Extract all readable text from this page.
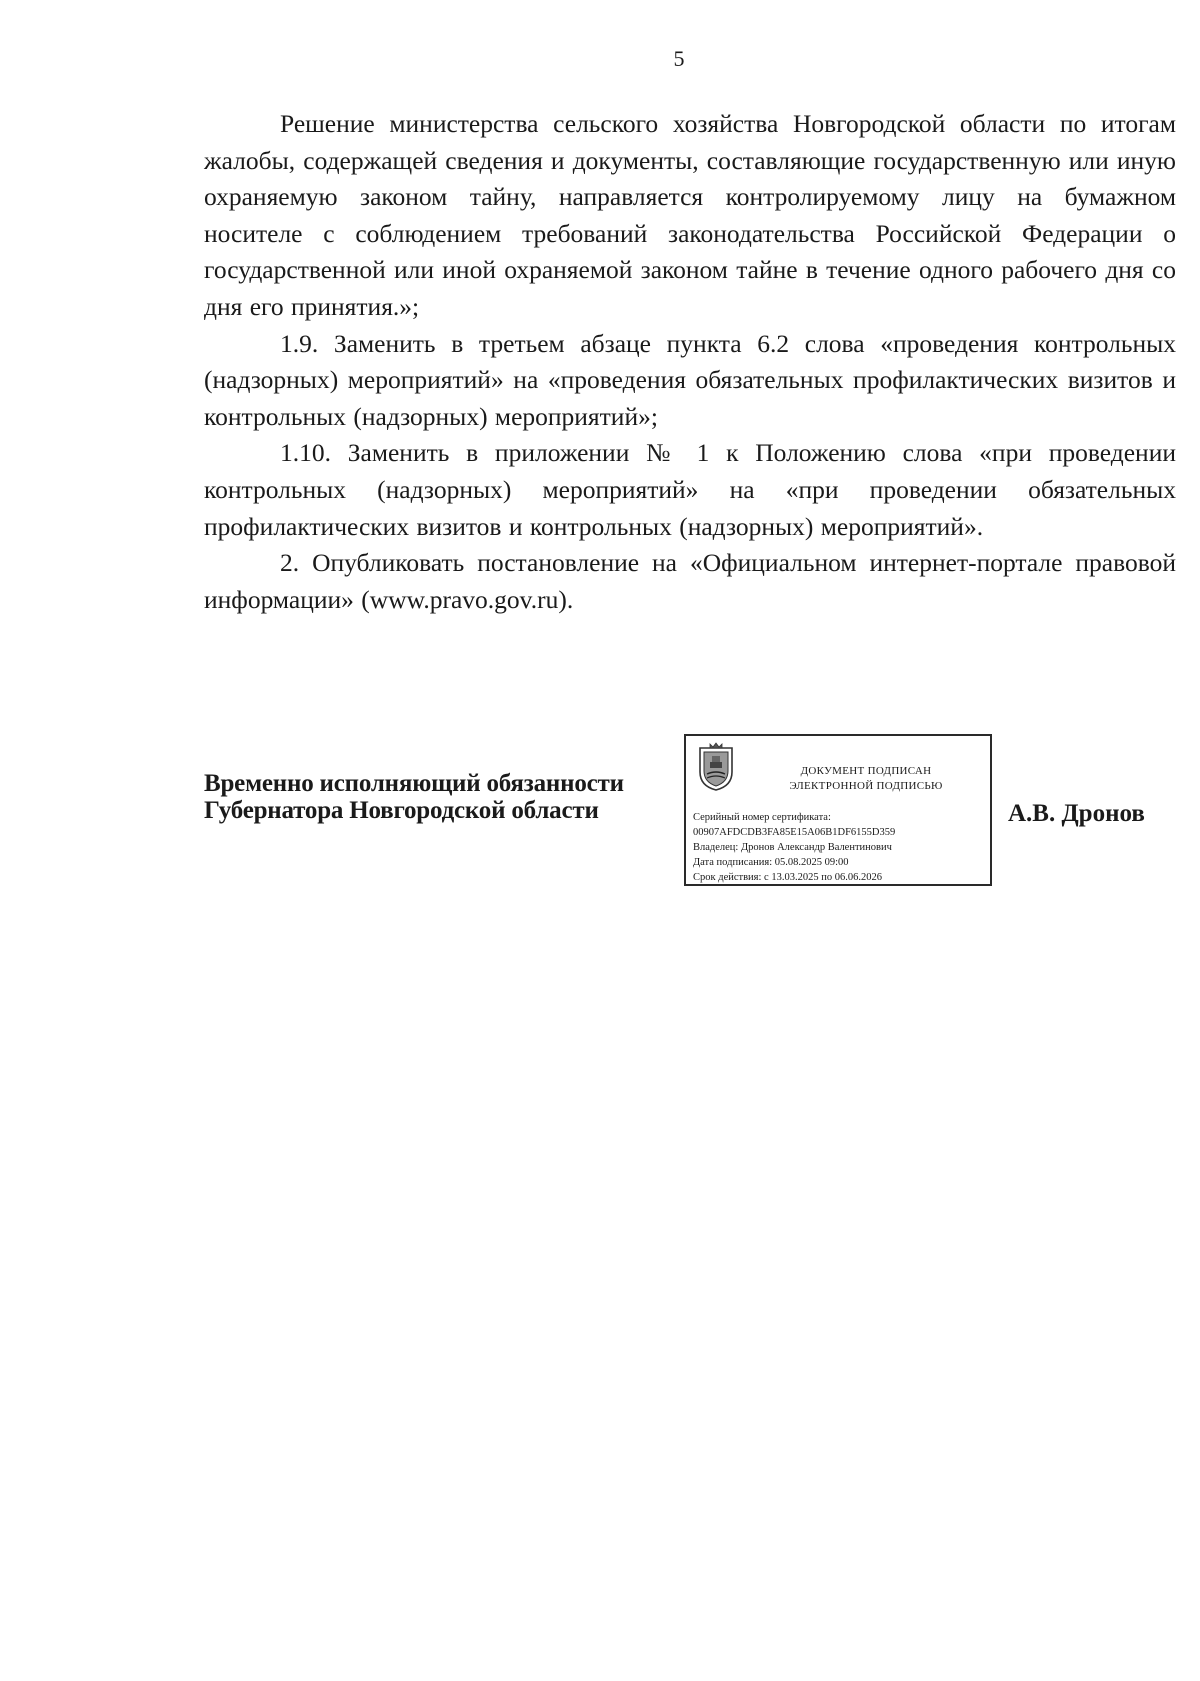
5

Решение министерства сельского хозяйства Новгородской области по итогам жалобы, содержащей сведения и документы, составляющие государственную или иную охраняемую законом тайну, направляется контролируемому лицу на бумажном носителе с соблюдением требований законодательства Российской Федерации о государственной или иной охраняемой законом тайне в течение одного рабочего дня со дня его принятия.»;

1.9. Заменить в третьем абзаце пункта 6.2 слова «проведения контрольных (надзорных) мероприятий» на «проведения обязательных профилактических визитов и контрольных (надзорных) мероприятий»;

1.10. Заменить в приложении № 1 к Положению слова «при проведении контрольных (надзорных) мероприятий» на «при проведении обязательных профилактических визитов и контрольных (надзорных) мероприятий».

2. Опубликовать постановление на «Официальном интернет-портале правовой информации» (www.pravo.gov.ru).

Временно исполняющий обязанности
Губернатора Новгородской области
ДОКУМЕНТ ПОДПИСАН
ЭЛЕКТРОННОЙ ПОДПИСЬЮ
Серийный номер сертификата:
00907AFDCDB3FA85E15A06B1DF6155D359
Владелец: Дронов Александр Валентинович
Дата подписания: 05.08.2025 09:00
Срок действия: с 13.03.2025 по 06.06.2026
А.В. Дронов
